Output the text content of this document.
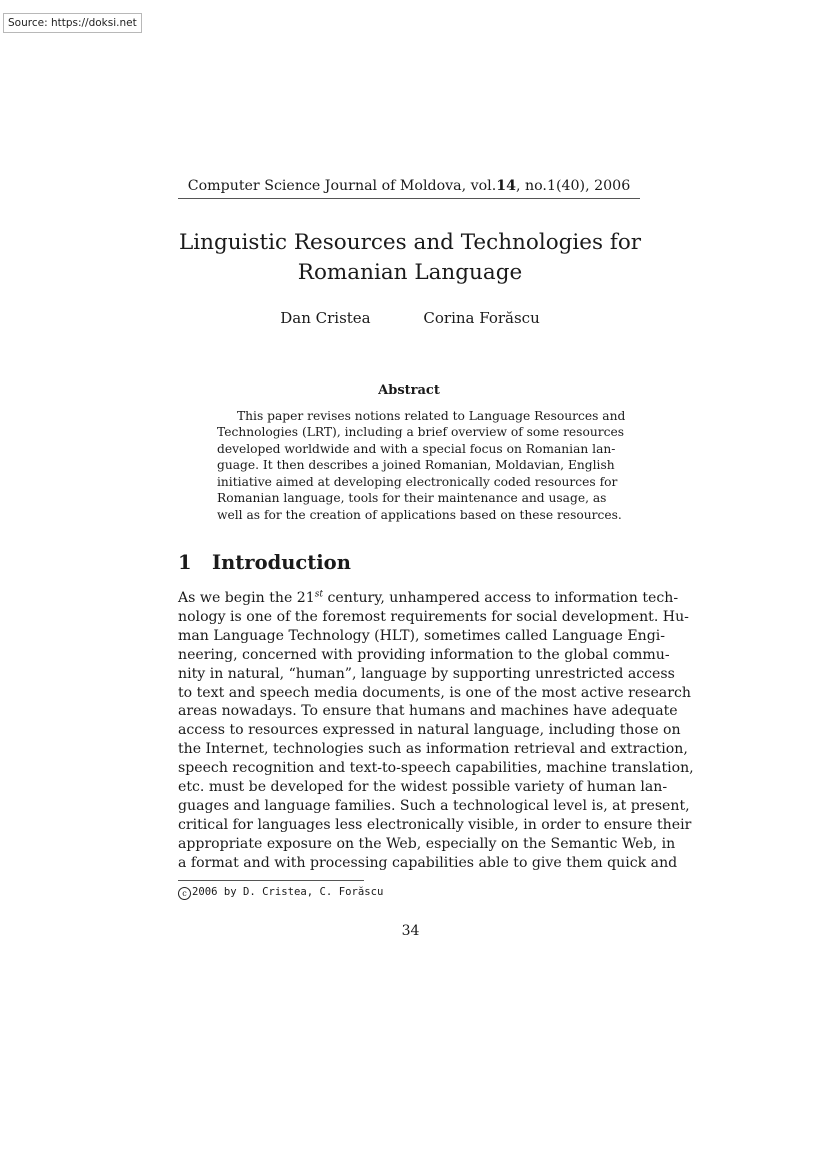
Source: https://doksi.net
Computer Science Journal of Moldova, vol.14, no.1(40), 2006
Linguistic Resources and Technologies for
Romanian Language
Dan Cristea	Corina Forăscu
Abstract
This paper revises notions related to Language Resources and
Technologies (LRT), including a brief overview of some resources
developed worldwide and with a special focus on Romanian lan-
guage. It then describes a joined Romanian, Moldavian, English
initiative aimed at developing electronically coded resources for
Romanian language, tools for their maintenance and usage, as
well as for the creation of applications based on these resources.
1 Introduction
As we begin the 21st century, unhampered access to information tech-
nology is one of the foremost requirements for social development. Hu-
man Language Technology (HLT), sometimes called Language Engi-
neering, concerned with providing information to the global commu-
nity in natural, “human”, language by supporting unrestricted access
to text and speech media documents, is one of the most active research
areas nowadays. To ensure that humans and machines have adequate
access to resources expressed in natural language, including those on
the Internet, technologies such as information retrieval and extraction,
speech recognition and text-to-speech capabilities, machine translation,
etc. must be developed for the widest possible variety of human lan-
guages and language families. Such a technological level is, at present,
critical for languages less electronically visible, in order to ensure their
appropriate exposure on the Web, especially on the Semantic Web, in
a format and with processing capabilities able to give them quick and
c 2006 by D. Cristea, C. Forăscu
34
